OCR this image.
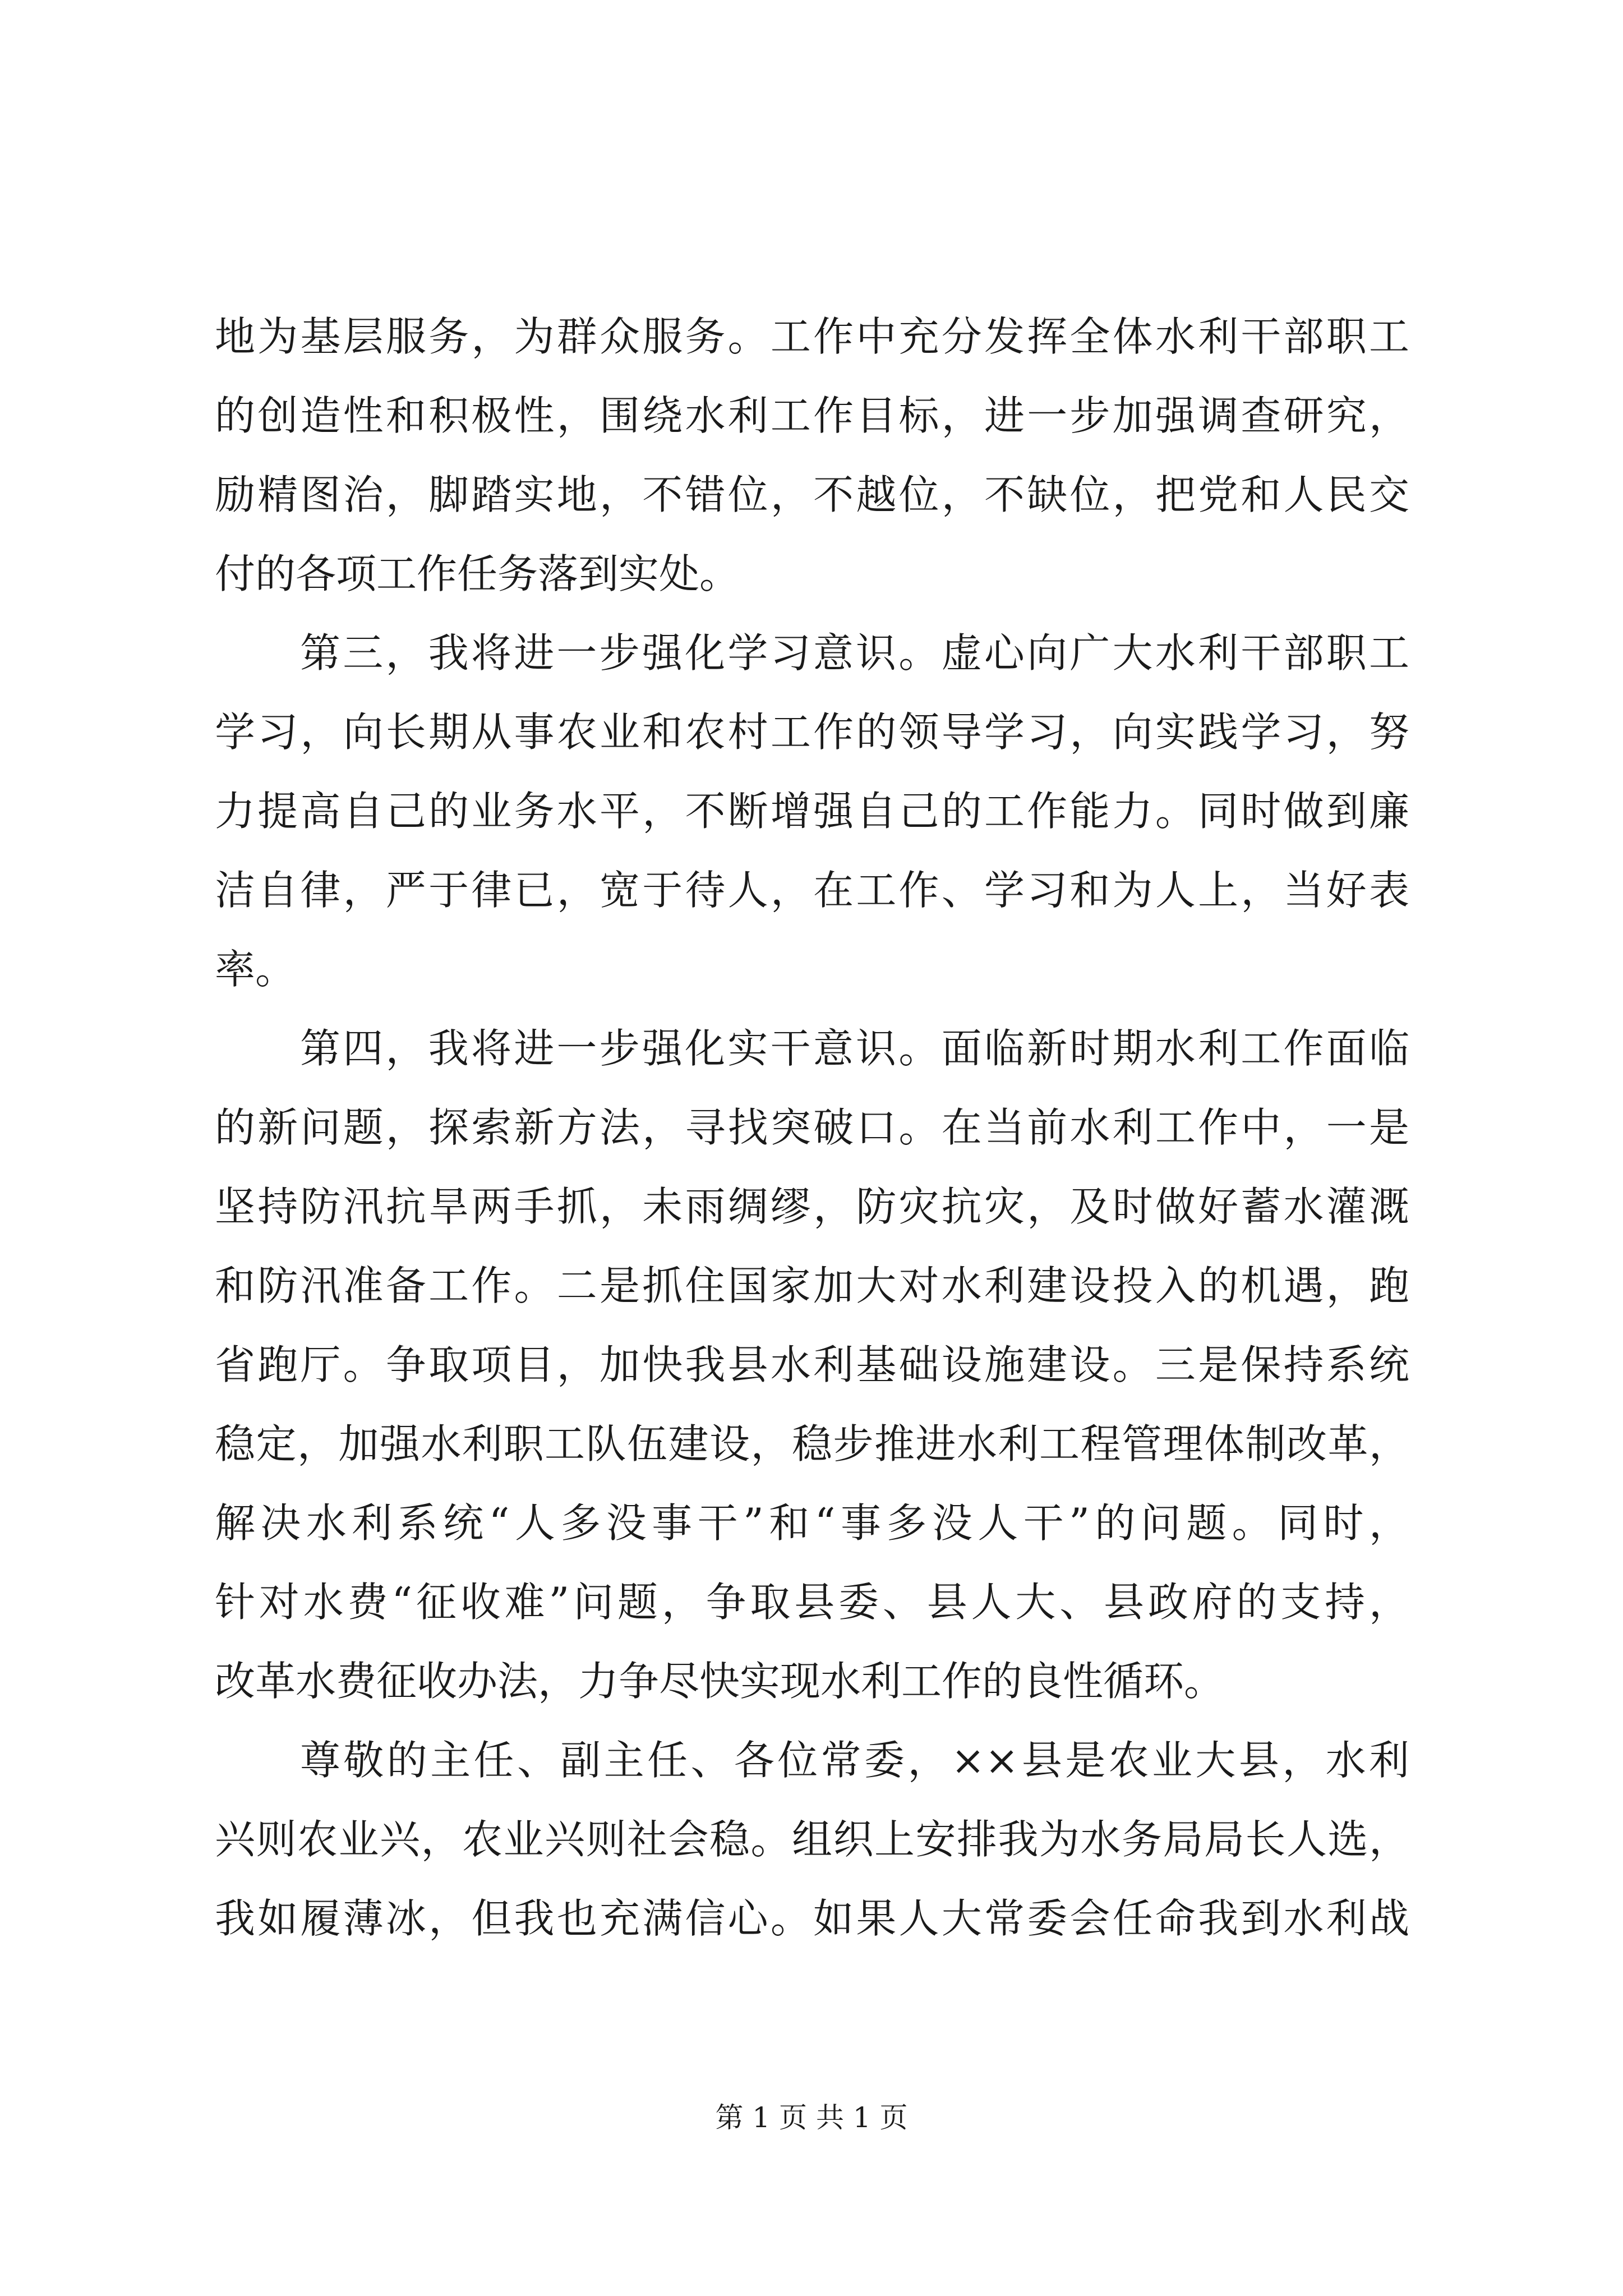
地为基层服务，为群众服务。工作中充分发挥全体水利干部职工
的创造性和积极性，围绕水利工作目标，进一步加强调查研究，
励精图治，脚踏实地，不错位，不越位，不缺位，把党和人民交
付的各项工作任务落到实处。
第三，我将进一步强化学习意识。虚心向广大水利干部职工
学习，向长期从事农业和农村工作的领导学习，向实践学习，努
力提高自己的业务水平，不断增强自己的工作能力。同时做到廉
洁自律，严于律已，宽于待人，在工作、学习和为人上，当好表
率。
第四，我将进一步强化实干意识。面临新时期水利工作面临
的新问题，探索新方法，寻找突破口。在当前水利工作中，一是
坚持防汛抗旱两手抓，未雨绸缪，防灾抗灾，及时做好蓄水灌溉
和防汛准备工作。二是抓住国家加大对水利建设投入的机遇，跑
省跑厅。争取项目，加快我县水利基础设施建设。三是保持系统
稳定，加强水利职工队伍建设，稳步推进水利工程管理体制改革，
解决水利系统“人多没事干”和“事多没人干”的问题。同时，
针对水费“征收难”问题，争取县委、县人大、县政府的支持，
改革水费征收办法，力争尽快实现水利工作的良性循环。
尊敬的主任、副主任、各位常委，××县是农业大县，水利
兴则农业兴，农业兴则社会稳。组织上安排我为水务局局长人选，
我如履薄冰，但我也充满信心。如果人大常委会任命我到水利战
第 1 页 共 1 页
